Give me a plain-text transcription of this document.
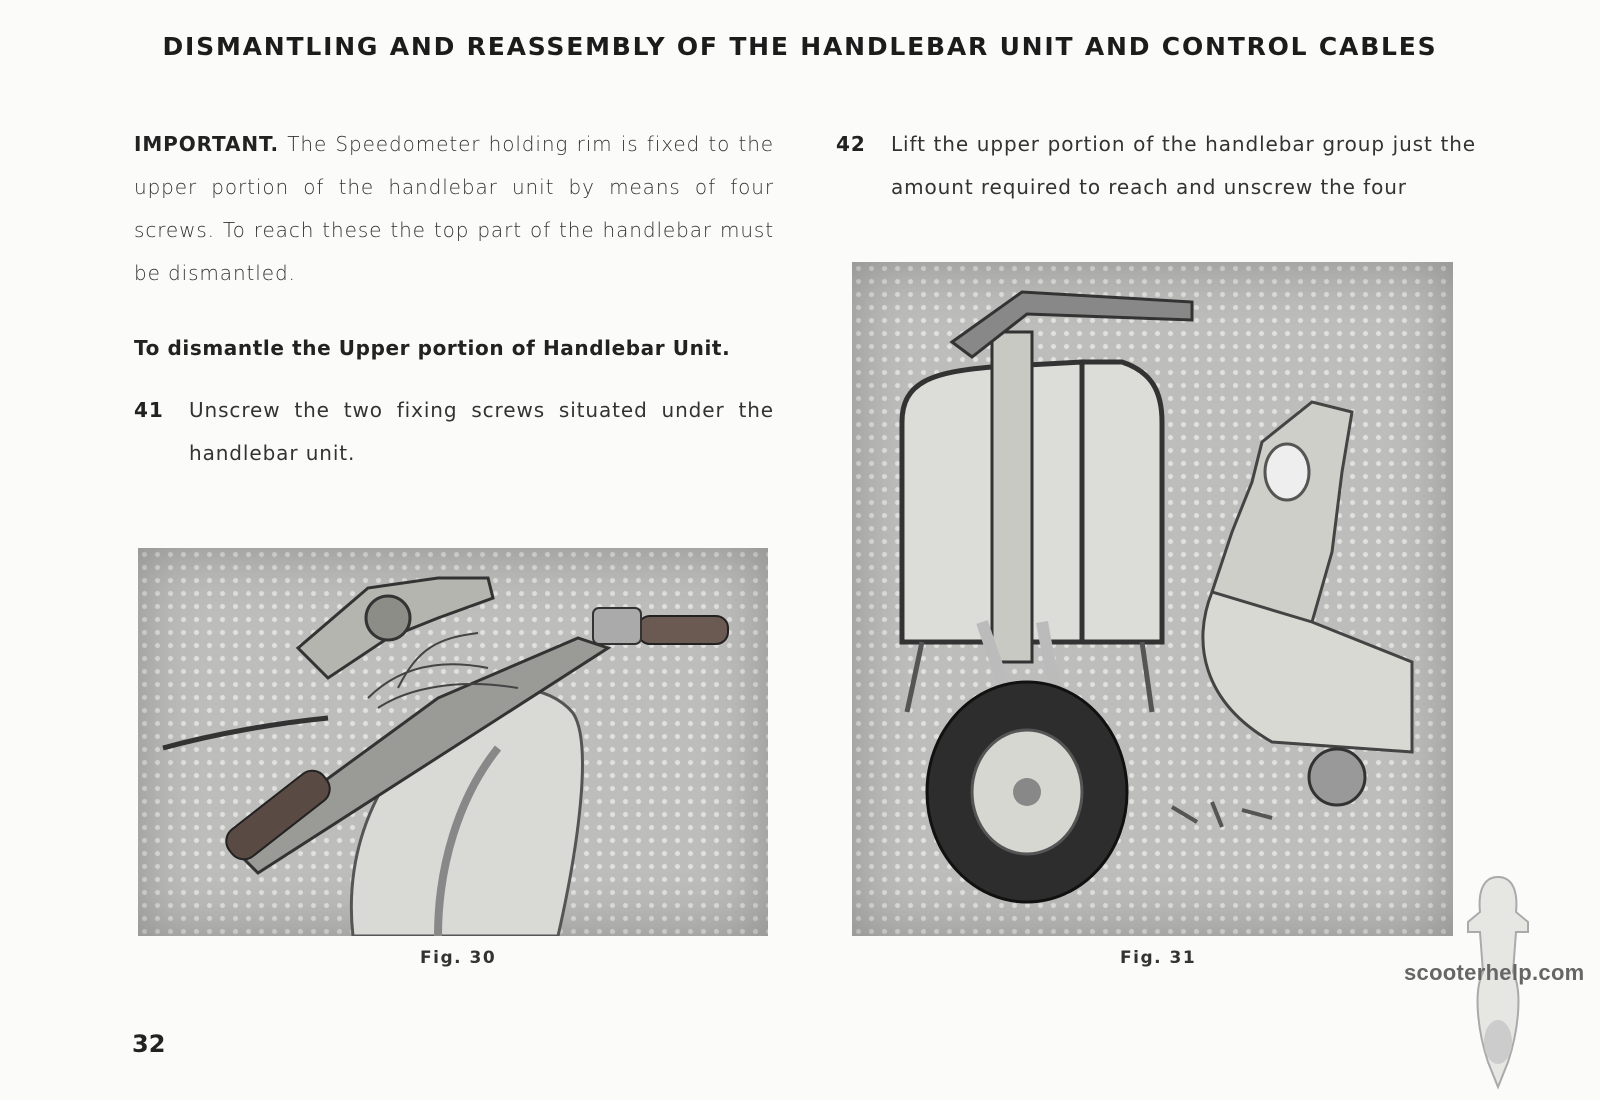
DISMANTLING AND REASSEMBLY OF THE HANDLEBAR UNIT AND CONTROL CABLES
IMPORTANT. The Speedometer holding rim is fixed to the upper portion of the handlebar unit by means of four screws. To reach these the top part of the handlebar must be dismantled.
To dismantle the Upper portion of Handlebar Unit.
41	Unscrew the two fixing screws situated under the handlebar unit.
42	Lift the upper portion of the handlebar group just the amount required to reach and unscrew the four
Fig. 30	Fig. 31
32
scooterhelp.com
